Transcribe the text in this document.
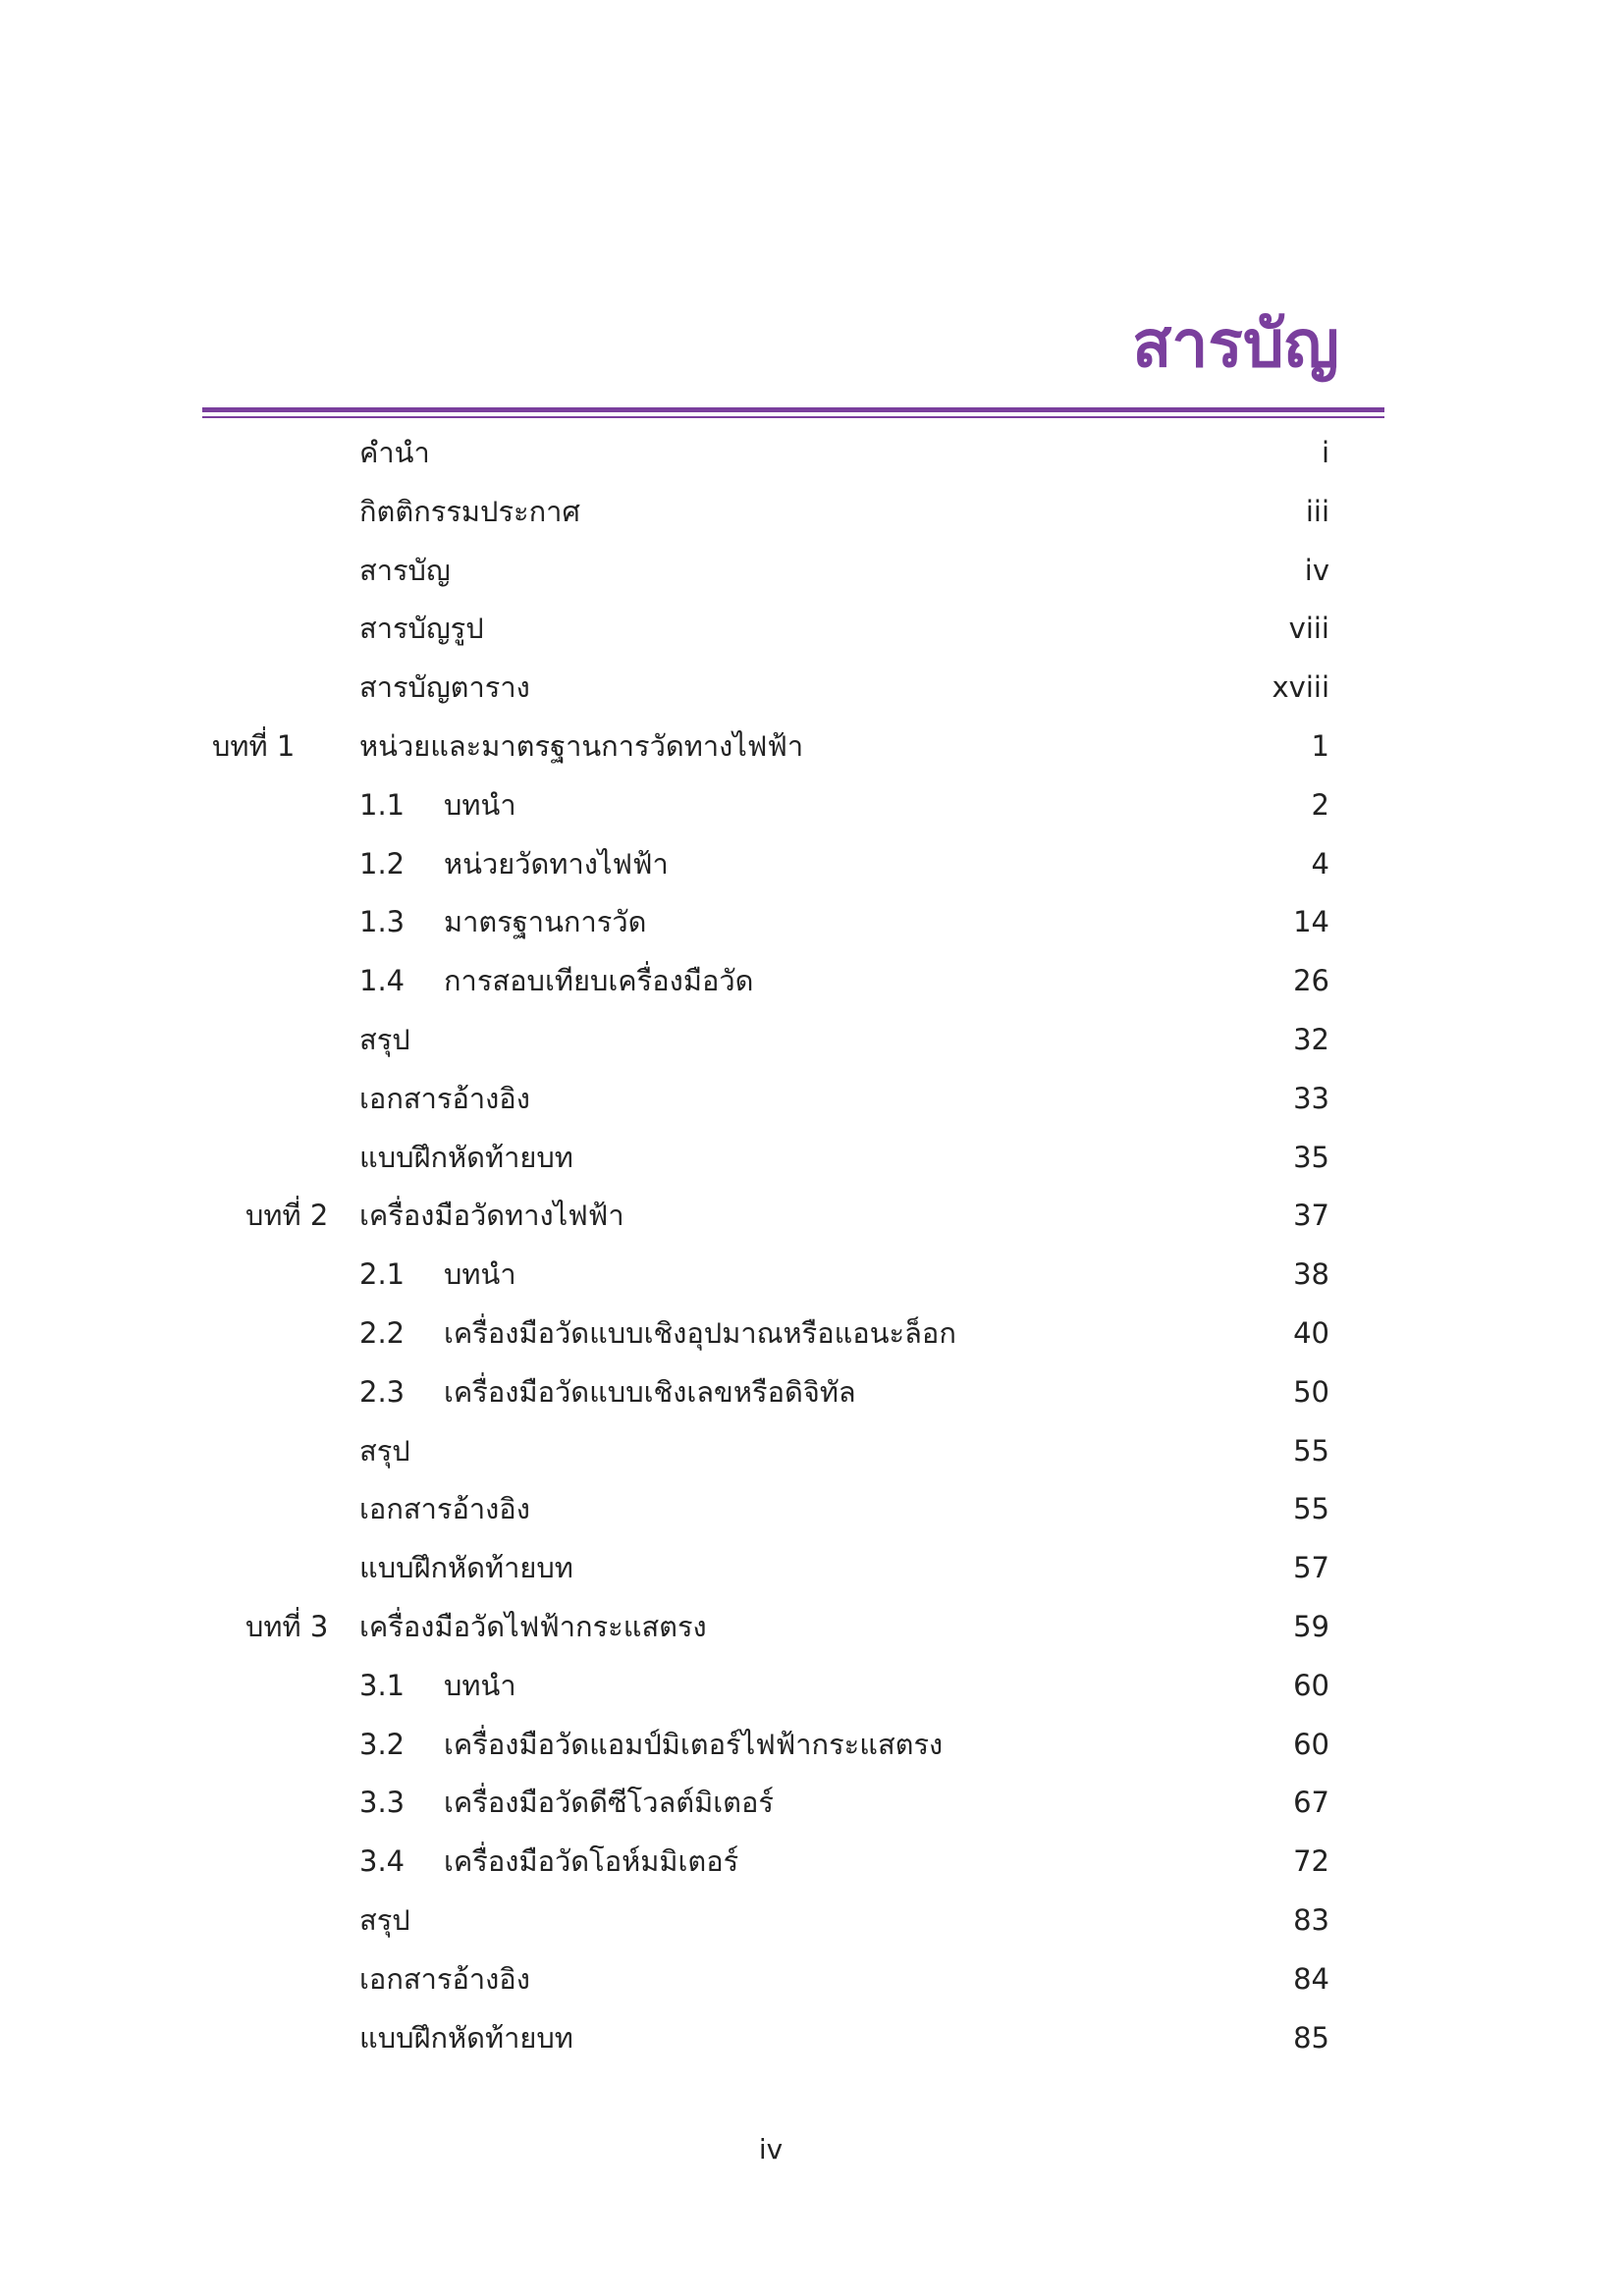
สารบัญ
คำนำ	i
กิตติกรรมประกาศ	iii
สารบัญ	iv
สารบัญรูป	viii
สารบัญตาราง	xviii
บทที่ 1 หน่วยและมาตรฐานการวัดทางไฟฟ้า	1
1.1 บทนำ	2
1.2 หน่วยวัดทางไฟฟ้า	4
1.3 มาตรฐานการวัด	14
1.4 การสอบเทียบเครื่องมือวัด	26
สรุป	32
เอกสารอ้างอิง	33
แบบฝึกหัดท้ายบท	35
บทที่ 2 เครื่องมือวัดทางไฟฟ้า	37
2.1 บทนำ	38
2.2 เครื่องมือวัดแบบเชิงอุปมาณหรือแอนะล็อก	40
2.3 เครื่องมือวัดแบบเชิงเลขหรือดิจิทัล	50
สรุป	55
เอกสารอ้างอิง	55
แบบฝึกหัดท้ายบท	57
บทที่ 3 เครื่องมือวัดไฟฟ้ากระแสตรง	59
3.1 บทนำ	60
3.2 เครื่องมือวัดแอมป์มิเตอร์ไฟฟ้ากระแสตรง	60
3.3 เครื่องมือวัดดีซีโวลต์มิเตอร์	67
3.4 เครื่องมือวัดโอห์มมิเตอร์	72
สรุป	83
เอกสารอ้างอิง	84
แบบฝึกหัดท้ายบท	85
iv
